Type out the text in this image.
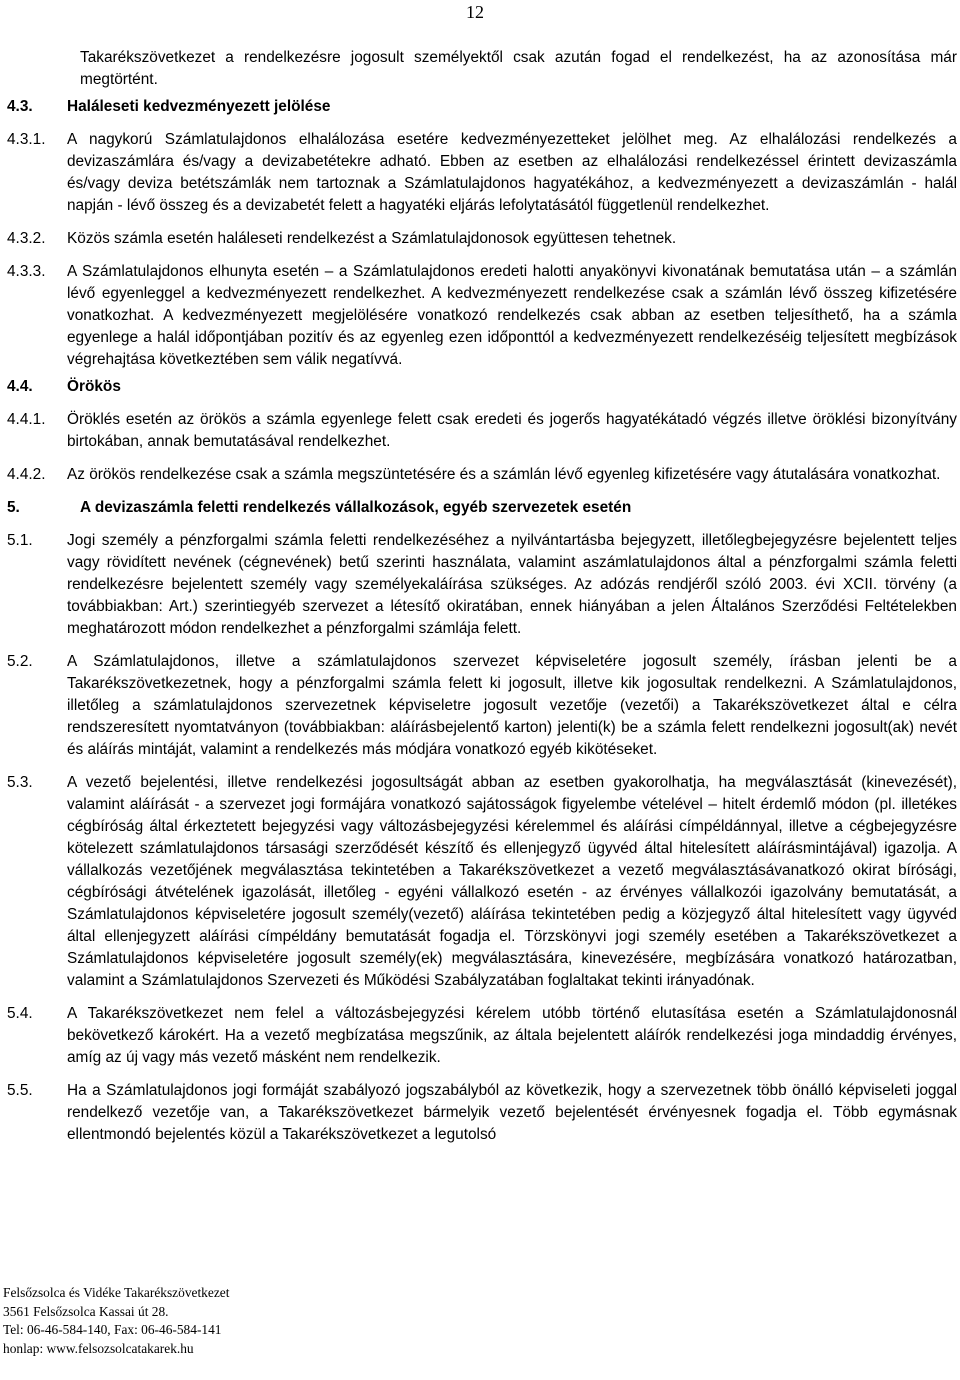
12
Takarékszövetkezet a rendelkezésre jogosult személyektől csak azután fogad el rendelkezést, ha az azonosítása már megtörtént.
4.3.	Haláleseti kedvezményezett jelölése
4.3.1.	A nagykorú Számlatulajdonos elhalálozása esetére kedvezményezetteket jelölhet meg. Az elhalálozási rendelkezés a devizaszámlára és/vagy a devizabetétekre adható. Ebben az esetben az elhalálozási rendelkezéssel érintett devizaszámla és/vagy deviza betétszámlák nem tartoznak a Számlatulajdonos hagyatékához, a kedvezményezett a devizaszámlán - halál napján - lévő összeg és a devizabetét felett a hagyatéki eljárás lefolytatásától függetlenül rendelkezhet.
4.3.2.	Közös számla esetén haláleseti rendelkezést a Számlatulajdonosok együttesen tehetnek.
4.3.3.	A Számlatulajdonos elhunyta esetén – a Számlatulajdonos eredeti halotti anyakönyvi kivonatának bemutatása után – a számlán lévő egyenleggel a kedvezményezett rendelkezhet. A kedvezményezett rendelkezése csak a számlán lévő összeg kifizetésére vonatkozhat. A kedvezményezett megjelölésére vonatkozó rendelkezés csak abban az esetben teljesíthető, ha a számla egyenlege a halál időpontjában pozitív és az egyenleg ezen időponttól a kedvezményezett rendelkezéséig teljesített megbízások végrehajtása következtében sem válik negatívvá.
4.4.	Örökös
4.4.1.	Öröklés esetén az örökös a számla egyenlege felett csak eredeti és jogerős hagyatékátadó végzés illetve öröklési bizonyítvány birtokában, annak bemutatásával rendelkezhet.
4.4.2.	Az örökös rendelkezése csak a számla megszüntetésére és a számlán lévő egyenleg kifizetésére vagy átutalására vonatkozhat.
5.	A devizaszámla feletti rendelkezés vállalkozások, egyéb szervezetek esetén
5.1.	Jogi személy a pénzforgalmi számla feletti rendelkezéséhez a nyilvántartásba bejegyzett, illetőlegbejegyzésre bejelentett teljes vagy rövidített nevének (cégnevének) betű szerinti használata, valamint aszámlatulajdonos által a pénzforgalmi számla feletti rendelkezésre bejelentett személy vagy személyekaláírása szükséges. Az adózás rendjéről szóló 2003. évi XCII. törvény (a továbbiakban: Art.) szerintiegyéb szervezet a létesítő okiratában, ennek hiányában a jelen Általános Szerződési Feltételekben meghatározott módon rendelkezhet a pénzforgalmi számlája felett.
5.2.	A Számlatulajdonos, illetve a számlatulajdonos szervezet képviseletére jogosult személy, írásban jelenti be a Takarékszövetkezetnek, hogy a pénzforgalmi számla felett ki jogosult, illetve kik jogosultak rendelkezni. A Számlatulajdonos, illetőleg a számlatulajdonos szervezetnek képviseletre jogosult vezetője (vezetői) a Takarékszövetkezet által e célra rendszeresített nyomtatványon (továbbiakban: aláírásbejelentő karton) jelenti(k) be a számla felett rendelkezni jogosult(ak) nevét és aláírás mintáját, valamint a rendelkezés más módjára vonatkozó egyéb kikötéseket.
5.3.	A vezető bejelentési, illetve rendelkezési jogosultságát abban az esetben gyakorolhatja, ha megválasztását (kinevezését), valamint aláírását - a szervezet jogi formájára vonatkozó sajátosságok figyelembe vételével – hitelt érdemlő módon (pl. illetékes cégbíróság által érkeztetett bejegyzési vagy változásbejegyzési kérelemmel és aláírási címpéldánnyal, illetve a cégbejegyzésre kötelezett számlatulajdonos társasági szerződését készítő és ellenjegyző ügyvéd által hitelesített aláírásmintájával) igazolja. A vállalkozás vezetőjének megválasztása tekintetében a Takarékszövetkezet a vezető megválasztásávanatkozó okirat bírósági, cégbírósági átvételének igazolását, illetőleg - egyéni vállalkozó esetén - az érvényes vállalkozói igazolvány bemutatását, a Számlatulajdonos képviseletére jogosult személy(vezető) aláírása tekintetében pedig a közjegyző által hitelesített vagy ügyvéd által ellenjegyzett aláírási címpéldány bemutatását fogadja el. Törzskönyvi jogi személy esetében a Takarékszövetkezet a Számlatulajdonos képviseletére jogosult személy(ek) megválasztására, kinevezésére, megbízására vonatkozó határozatban, valamint a Számlatulajdonos Szervezeti és Működési Szabályzatában foglaltakat tekinti irányadónak.
5.4.	A Takarékszövetkezet nem felel a változásbejegyzési kérelem utóbb történő elutasítása esetén a Számlatulajdonosnál bekövetkező károkért. Ha a vezető megbízatása megszűnik, az általa bejelentett aláírók rendelkezési joga mindaddig érvényes, amíg az új vagy más vezető másként nem rendelkezik.
5.5.	Ha a Számlatulajdonos jogi formáját szabályozó jogszabályból az következik, hogy a szervezetnek több önálló képviseleti joggal rendelkező vezetője van, a Takarékszövetkezet bármelyik vezető bejelentését érvényesnek fogadja el. Több egymásnak ellentmondó bejelentés közül a Takarékszövetkezet a legutolsó
Felsőzsolca és Vidéke Takarékszövetkezet
3561 Felsőzsolca Kassai út 28.
Tel: 06-46-584-140, Fax: 06-46-584-141
honlap: www.felsozsolcatakarek.hu
